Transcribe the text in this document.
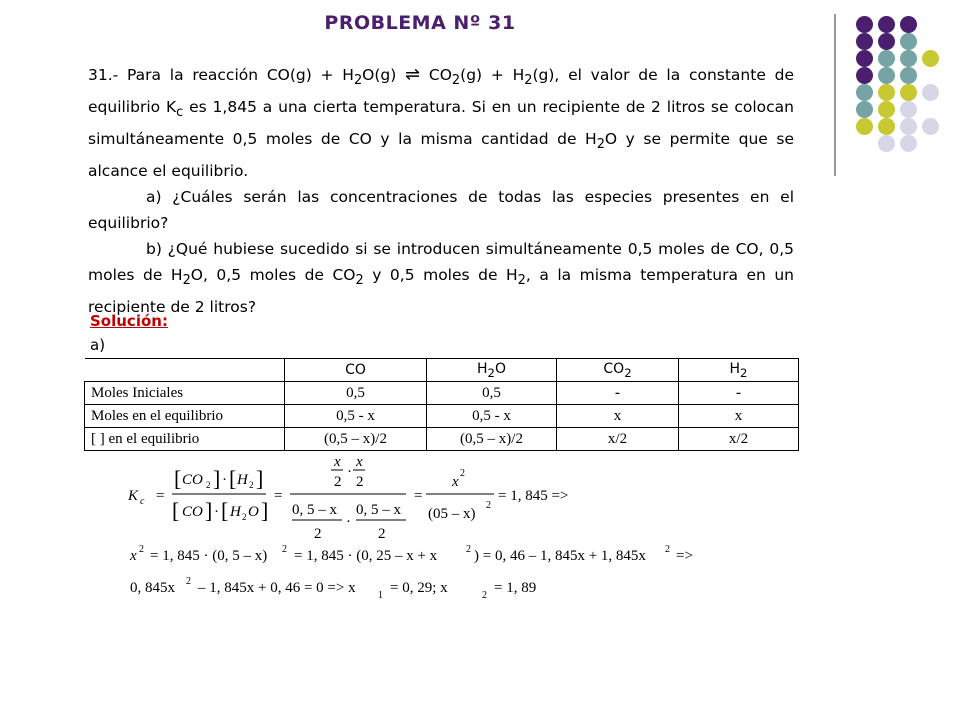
PROBLEMA Nº 31

31.- Para la reacción $CO(g) + H_2O(g)$ ⇌ $CO_2(g) + H_2(g)$, el valor de la constante de equilibrio $K_c$ es 1,845 a una cierta temperatura. Si en un recipiente de 2 litros se colocan simultáneamente 0,5 moles de CO y la misma cantidad de $H_2O$ y se permite que se alcance el equilibrio.

a) ¿Cuáles serán las concentraciones de todas las especies presentes en el equilibrio?

b) ¿Qué hubiese sucedido si se introducen simultáneamente 0,5 moles de CO, 0,5 moles de $H_2O$, 0,5 moles de $CO_2$ y 0,5 moles de $H_2$, a la misma temperatura en un recipiente de 2 litros?

Solución:
a)
	CO	$H_2O$	$CO_2$	$H_2$
Moles Iniciales	0,5	0,5	-	-
Moles en el equilibrio	0,5 - x	0,5 - x	x	x
[ ] en el equilibrio	(0,5 – x)/2	(0,5 – x)/2	x/2	x/2
K c =
[ CO 2 ] · [ H 2 ]
[ CO ] · [ H 2 O ]
=
x
2
·
x
2
0, 5 – x
2
·
0, 5 – x
2
=
x
2
(05 – x)
2
= 1, 845 =>
x 2 = 1, 845 · (0, 5 – x) 2 = 1, 845 · (0, 25 – x + x	2 ) = 0, 46 – 1, 845x + 1, 845x 2 =>
0, 845x 2 – 1, 845x + 0, 46 = 0 => x 1 = 0, 29; x	2 = 1, 89
